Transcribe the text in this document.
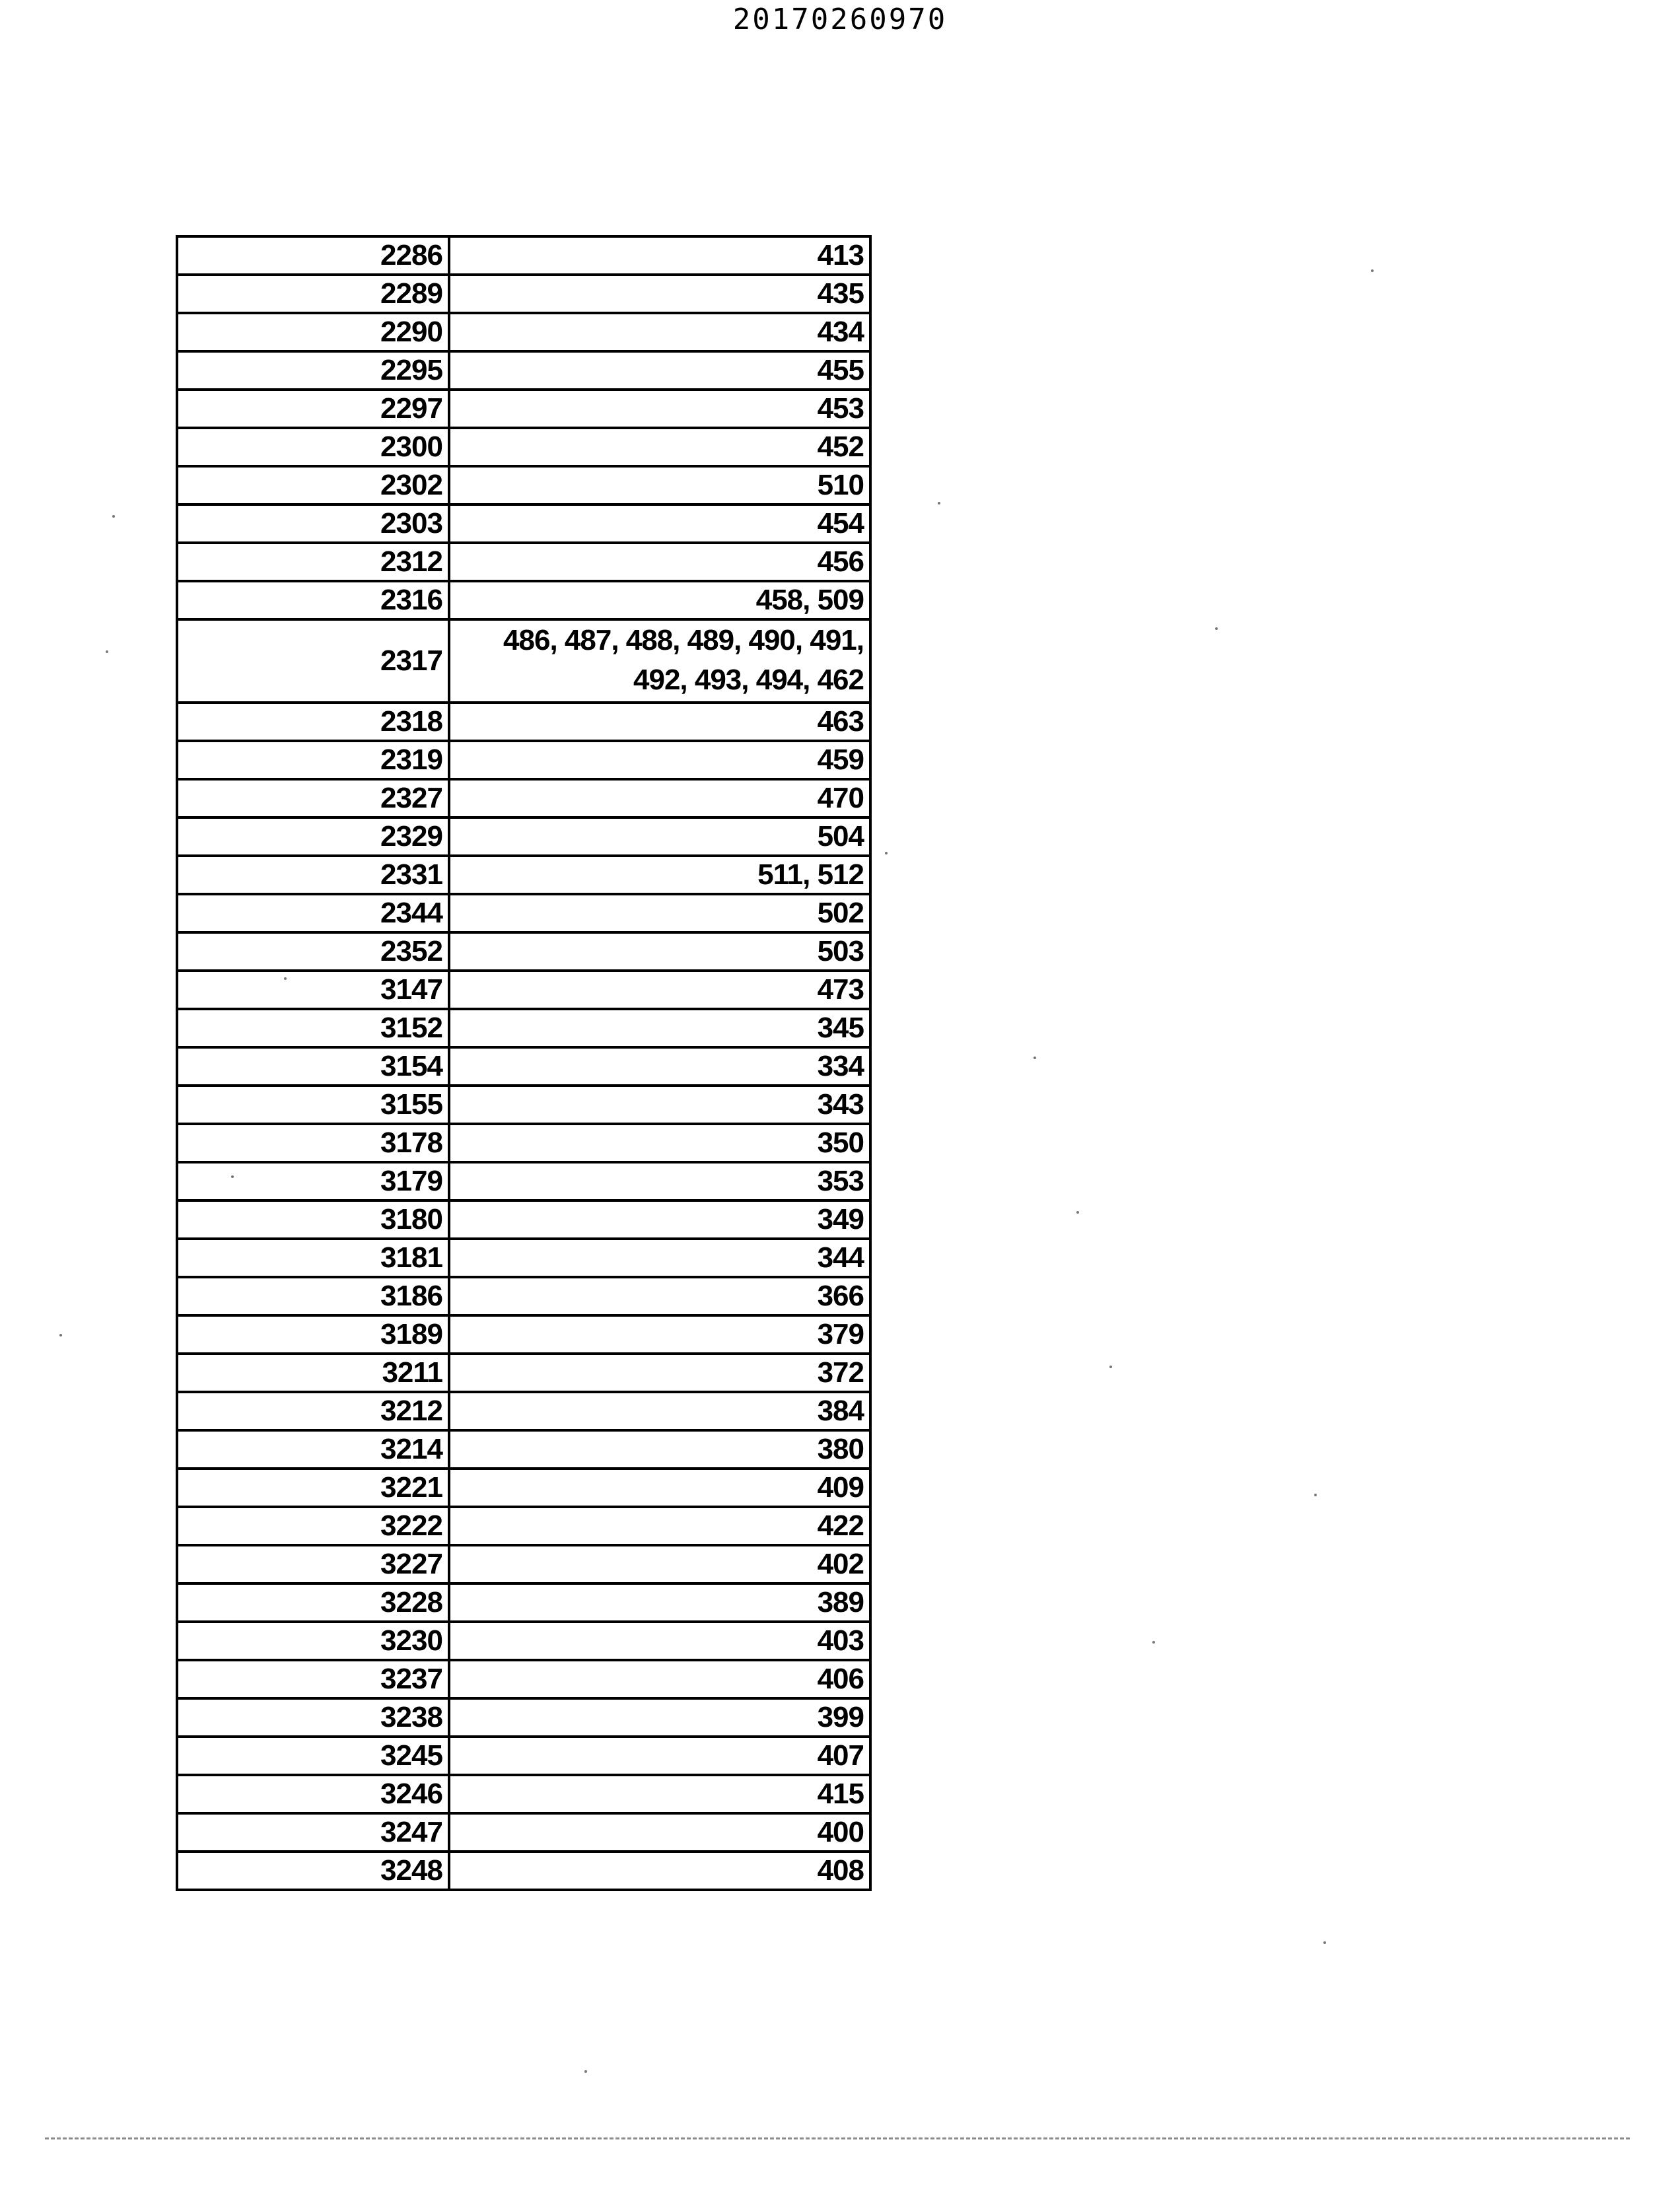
20170260970
2286	413
2289	435
2290	434
2295	455
2297	453
2300	452
2302	510
2303	454
2312	456
2316	458, 509
2317	486, 487, 488, 489, 490, 491,
492, 493, 494, 462

2318	463
2319	459
2327	470
2329	504
2331	511, 512
2344	502
2352	503
3147	473
3152	345
3154	334
3155	343
3178	350
3179	353
3180	349
3181	344
3186	366
3189	379
3211	372
3212	384
3214	380
3221	409
3222	422
3227	402
3228	389
3230	403
3237	406
3238	399
3245	407
3246	415
3247	400
3248	408
